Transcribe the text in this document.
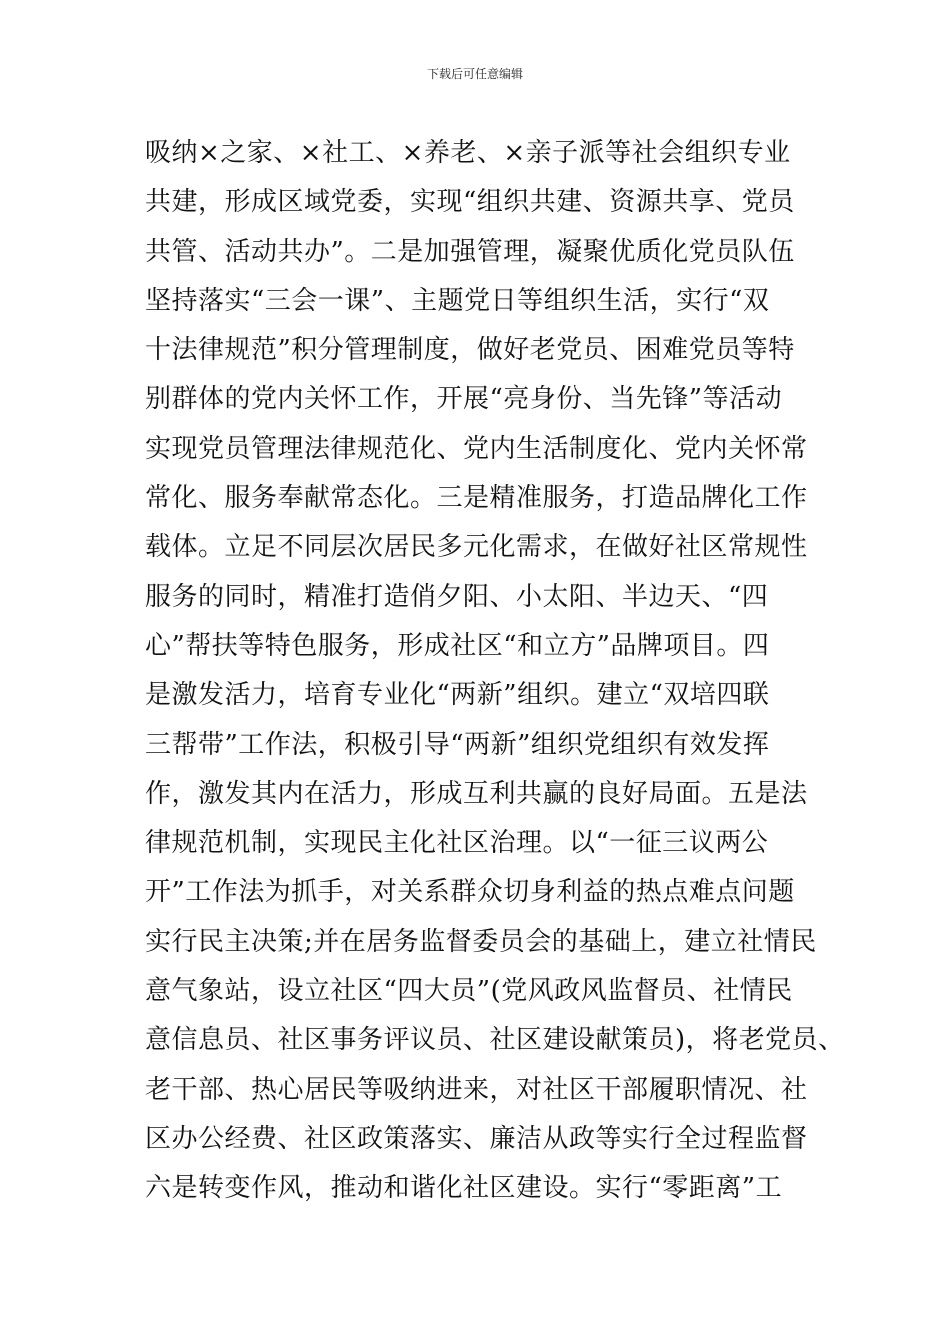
下载后可任意编辑
吸纳×之家、×社工、×养老、×亲子派等社会组织专业
共建，形成区域党委，实现“组织共建、资源共享、党员
共管、活动共办”。二是加强管理，凝聚优质化党员队伍
坚持落实“三会一课”、主题党日等组织生活，实行“双
十法律规范”积分管理制度，做好老党员、困难党员等特
别群体的党内关怀工作，开展“亮身份、当先锋”等活动
实现党员管理法律规范化、党内生活制度化、党内关怀常
常化、服务奉献常态化。三是精准服务，打造品牌化工作
载体。立足不同层次居民多元化需求，在做好社区常规性
服务的同时，精准打造俏夕阳、小太阳、半边天、“四
心”帮扶等特色服务，形成社区“和立方”品牌项目。四
是激发活力，培育专业化“两新”组织。建立“双培四联
三帮带”工作法，积极引导“两新”组织党组织有效发挥
作，激发其内在活力，形成互利共赢的良好局面。五是法
律规范机制，实现民主化社区治理。以“一征三议两公
开”工作法为抓手，对关系群众切身利益的热点难点问题
实行民主决策;并在居务监督委员会的基础上，建立社情民
意气象站，设立社区“四大员”(党风政风监督员、社情民
意信息员、社区事务评议员、社区建设献策员)，将老党员、
老干部、热心居民等吸纳进来，对社区干部履职情况、社
区办公经费、社区政策落实、廉洁从政等实行全过程监督
六是转变作风，推动和谐化社区建设。实行“零距离”工
